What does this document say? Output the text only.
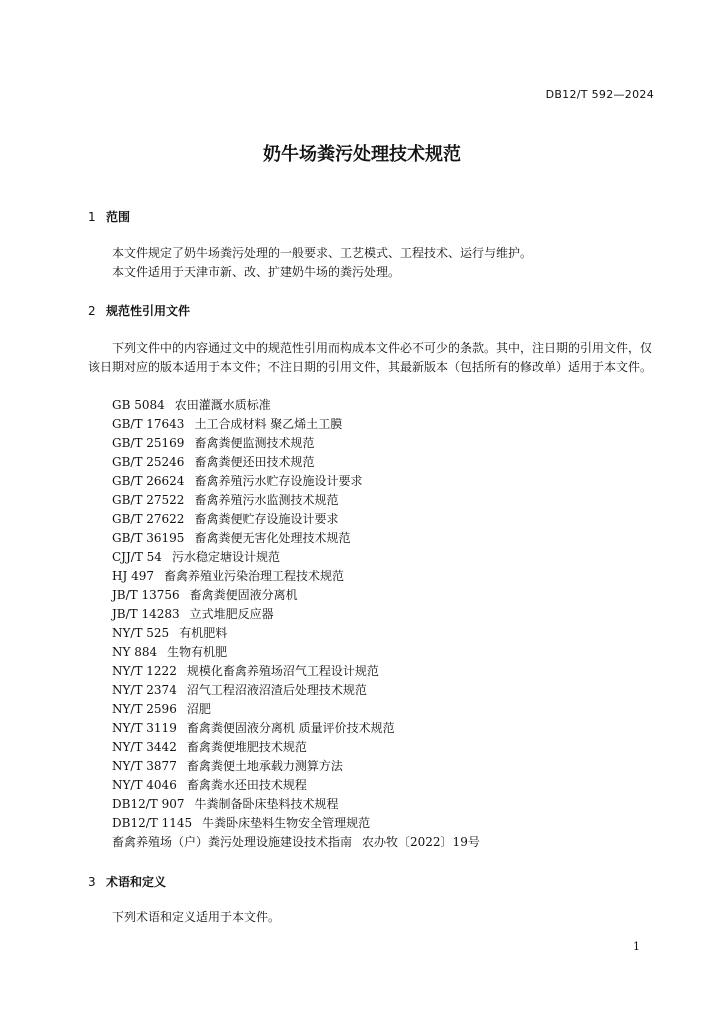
DB12/T 592—2024
奶牛场粪污处理技术规范
1 范围
本文件规定了奶牛场粪污处理的一般要求、工艺模式、工程技术、运行与维护。
本文件适用于天津市新、改、扩建奶牛场的粪污处理。
2 规范性引用文件
下列文件中的内容通过文中的规范性引用而构成本文件必不可少的条款。其中，注日期的引用文件，仅该日期对应的版本适用于本文件；不注日期的引用文件，其最新版本（包括所有的修改单）适用于本文件。
GB 5084 农田灌溉水质标准
GB/T 17643 土工合成材料 聚乙烯土工膜
GB/T 25169 畜禽粪便监测技术规范
GB/T 25246 畜禽粪便还田技术规范
GB/T 26624 畜禽养殖污水贮存设施设计要求
GB/T 27522 畜禽养殖污水监测技术规范
GB/T 27622 畜禽粪便贮存设施设计要求
GB/T 36195 畜禽粪便无害化处理技术规范
CJJ/T 54 污水稳定塘设计规范
HJ 497 畜禽养殖业污染治理工程技术规范
JB/T 13756 畜禽粪便固液分离机
JB/T 14283 立式堆肥反应器
NY/T 525 有机肥料
NY 884 生物有机肥
NY/T 1222 规模化畜禽养殖场沼气工程设计规范
NY/T 2374 沼气工程沼液沼渣后处理技术规范
NY/T 2596 沼肥
NY/T 3119 畜禽粪便固液分离机 质量评价技术规范
NY/T 3442 畜禽粪便堆肥技术规范
NY/T 3877 畜禽粪便土地承载力测算方法
NY/T 4046 畜禽粪水还田技术规程
DB12/T 907 牛粪制备卧床垫料技术规程
DB12/T 1145 牛粪卧床垫料生物安全管理规范
畜禽养殖场（户）粪污处理设施建设技术指南 农办牧〔2022〕19号
3 术语和定义
下列术语和定义适用于本文件。
1
